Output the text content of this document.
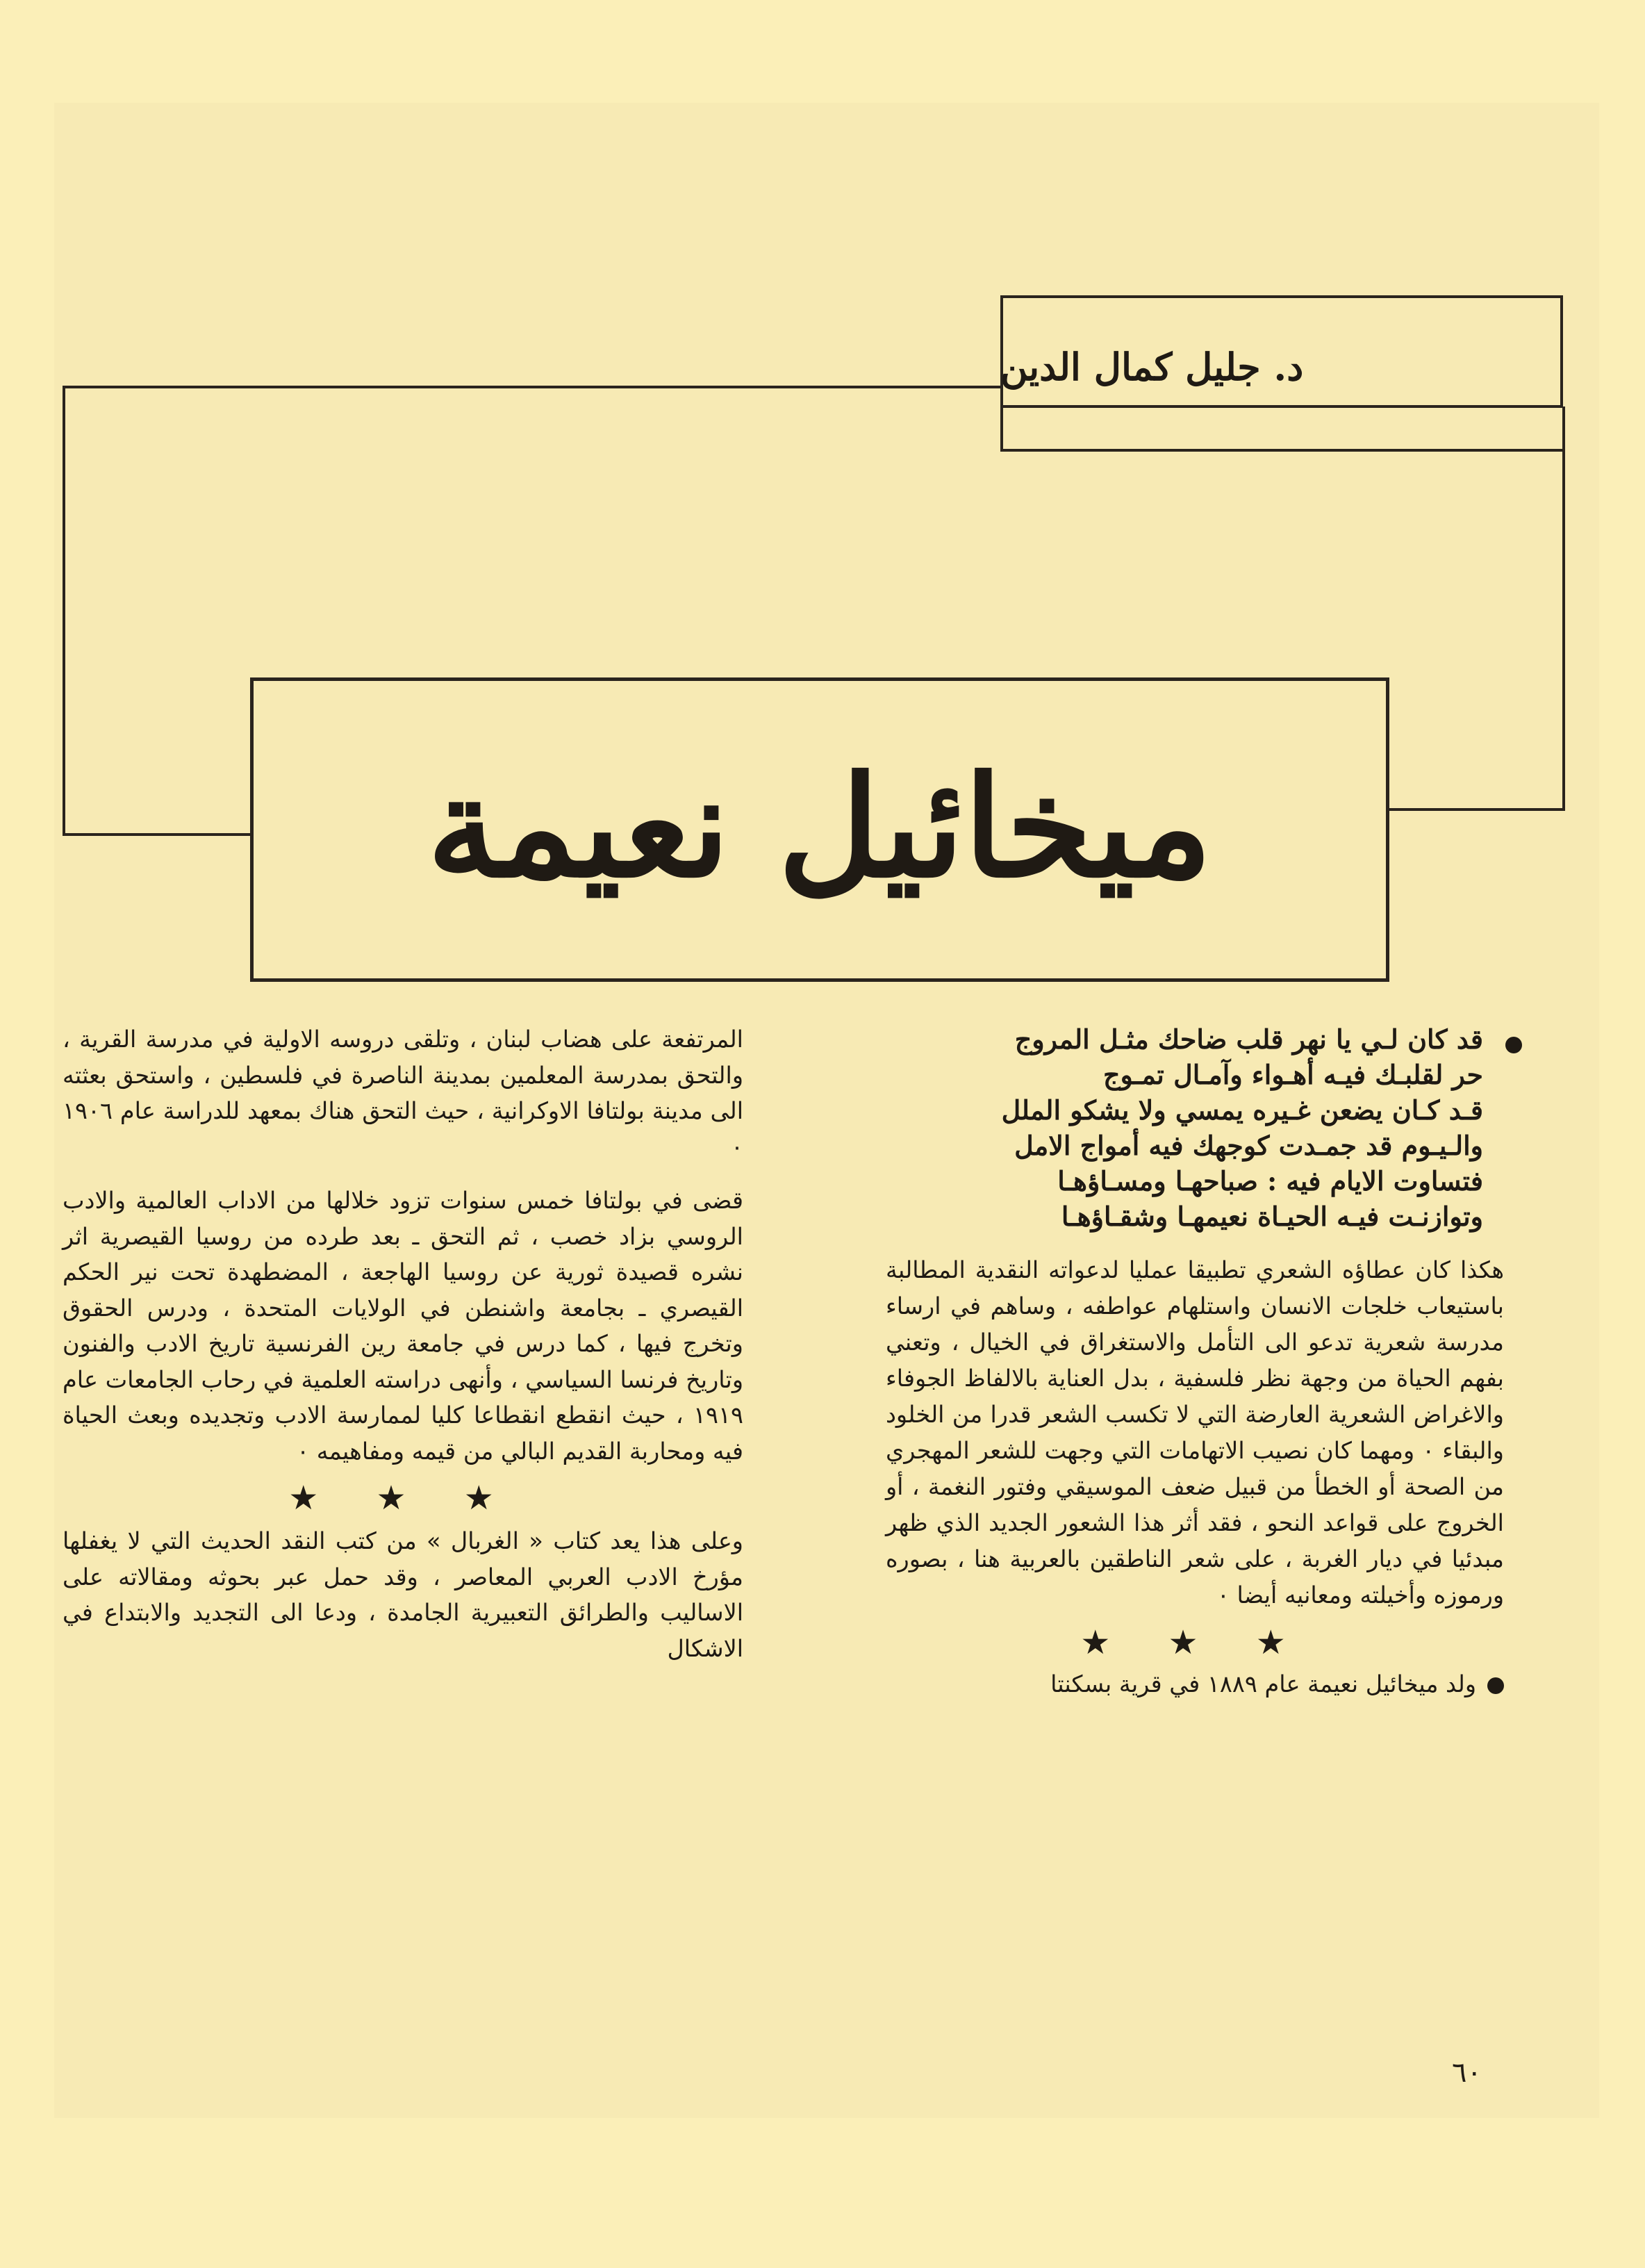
د. جليل كمال الدين
ميخائيل نعيمة
قد كان لـي يا نهر قلب ضاحك مثـل المروج
حر لقلبـك فيـه أهـواء وآمـال تمـوج
قـد كـان يضعن غـيره يمسي ولا يشكو الملل
والـيـوم قد جمـدت كوجهك فيه أمواج الامل
فتساوت الايام فيه : صباحهـا ومسـاؤهـا
وتوازنـت فيـه الحيـاة نعيمهـا وشقـاؤهـا

هكذا كان عطاؤه الشعري تطبيقا عمليا لدعواته النقدية المطالبة باستيعاب خلجات الانسان واستلهام عواطفه ، وساهم في ارساء مدرسة شعرية تدعو الى التأمل والاستغراق في الخيال ، وتعني بفهم الحياة من وجهة نظر فلسفية ، بدل العناية بالالفاظ الجوفاء والاغراض الشعرية العارضة التي لا تكسب الشعر قدرا من الخلود والبقاء ٠ ومهما كان نصيب الاتهامات التي وجهت للشعر المهجري من الصحة أو الخطأ من قبيل ضعف الموسيقي وفتور النغمة ، أو الخروج على قواعد النحو ، فقد أثر هذا الشعور الجديد الذي ظهر مبدئيا في ديار الغربة ، على شعر الناطقين بالعربية هنا ، بصوره ورموزه وأخيلته ومعانيه أيضا ٠

★ ★ ★

ولد ميخائيل نعيمة عام ١٨٨٩ في قرية بسكنتا

المرتفعة على هضاب لبنان ، وتلقى دروسه الاولية في مدرسة القرية ، والتحق بمدرسة المعلمين بمدينة الناصرة في فلسطين ، واستحق بعثته الى مدينة بولتافا الاوكرانية ، حيث التحق هناك بمعهد للدراسة عام ١٩٠٦ ٠

قضى في بولتافا خمس سنوات تزود خلالها من الاداب العالمية والادب الروسي بزاد خصب ، ثم التحق ـ بعد طرده من روسيا القيصرية اثر نشره قصيدة ثورية عن روسيا الهاجعة ، المضطهدة تحت نير الحكم القيصري ـ بجامعة واشنطن في الولايات المتحدة ، ودرس الحقوق وتخرج فيها ، كما درس في جامعة رين الفرنسية تاريخ الادب والفنون وتاريخ فرنسا السياسي ، وأنهى دراسته العلمية في رحاب الجامعات عام ١٩١٩ ، حيث انقطع انقطاعا كليا لممارسة الادب وتجديده وبعث الحياة فيه ومحاربة القديم البالي من قيمه ومفاهيمه ٠

★ ★ ★

وعلى هذا يعد كتاب « الغربال » من كتب النقد الحديث التي لا يغفلها مؤرخ الادب العربي المعاصر ، وقد حمل عبر بحوثه ومقالاته على الاساليب والطرائق التعبيرية الجامدة ، ودعا الى التجديد والابتداع في الاشكال

٦٠
